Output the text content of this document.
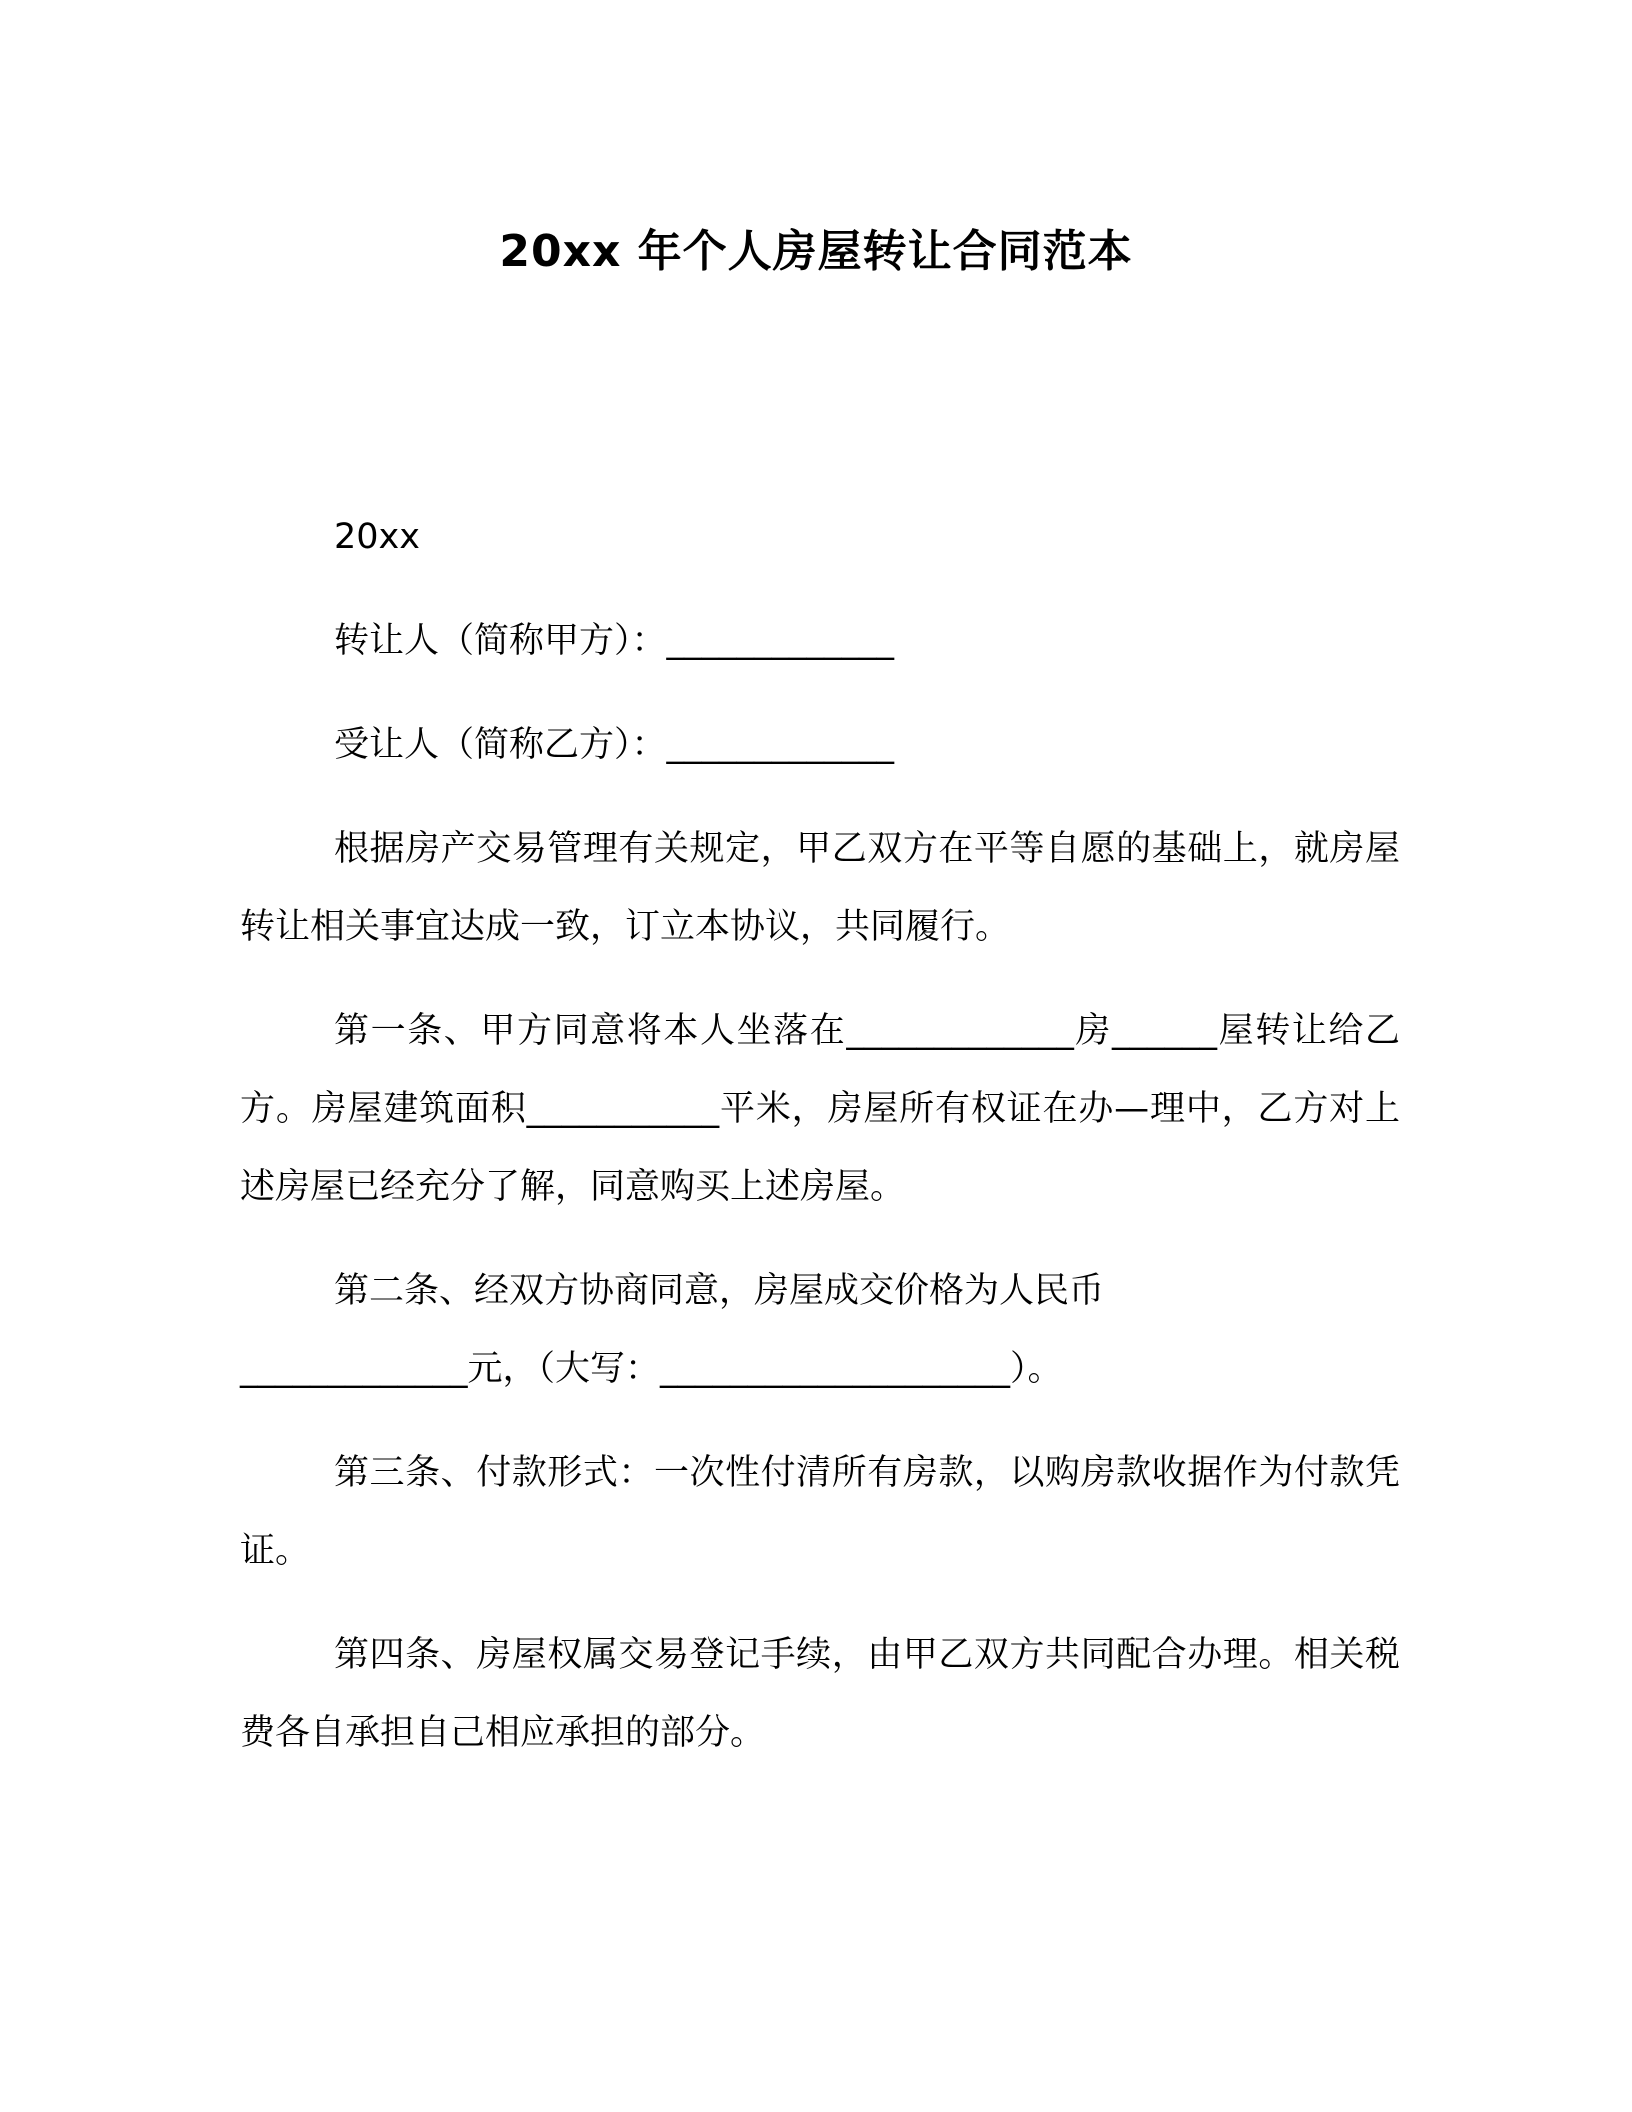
20xx 年个人房屋转让合同范本

20xx

转让人（简称甲方）：_____________

受让人（简称乙方）：_____________

根据房产交易管理有关规定，甲乙双方在平等自愿的基础上，就房屋转让相关事宜达成一致，订立本协议，共同履行。

第一条、甲方同意将本人坐落在_____________房______屋转让给乙方。房屋建筑面积___________平米，房屋所有权证在办—理中，乙方对上述房屋已经充分了解，同意购买上述房屋。

第二条、经双方协商同意，房屋成交价格为人民币

_____________元，（大写：____________________）。

第三条、付款形式：一次性付清所有房款，以购房款收据作为付款凭证。

第四条、房屋权属交易登记手续，由甲乙双方共同配合办理。相关税费各自承担自己相应承担的部分。
